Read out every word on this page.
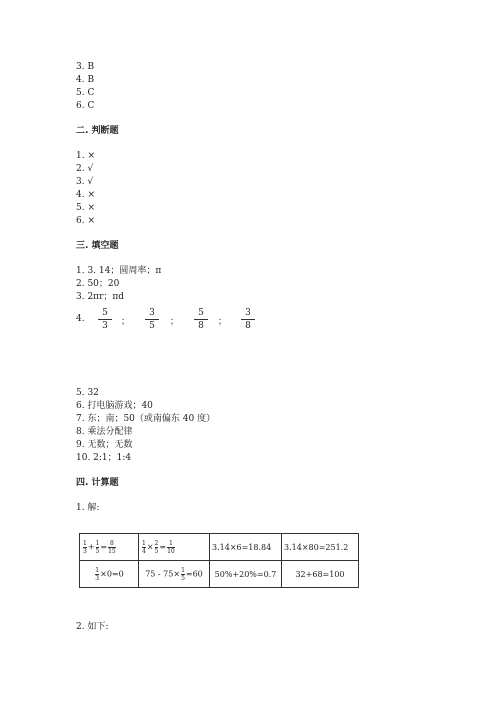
3. B
4. B
5. C
6. C
二. 判断题
1. ×
2. √
3. √
4. ×
5. ×
6. ×
三. 填空题
1. 3. 14；圆周率；π
2. 50；20
3. 2πr；πd
4.
5
3	；
3
5	；
5
8	；
3
8
5. 32
6. 打电脑游戏；40
7. 东；南；50（或南偏东 40 度）
8. 乘法分配律
9. 无数；无数
10. 2:1；1:4
四. 计算题
1. 解:
$\frac{1}{3}+\frac{1}{5}=\frac{8}{15}$	$\frac{1}{4}\times\frac{2}{5}=\frac{1}{10}$	3.14×6=18.84	3.14×80=251.2
$\frac{1}{3}\times 0=0$	$75 - 75\times\frac{1}{5}=60$	50%+20%=0.7	32+68=100
2. 如下:
